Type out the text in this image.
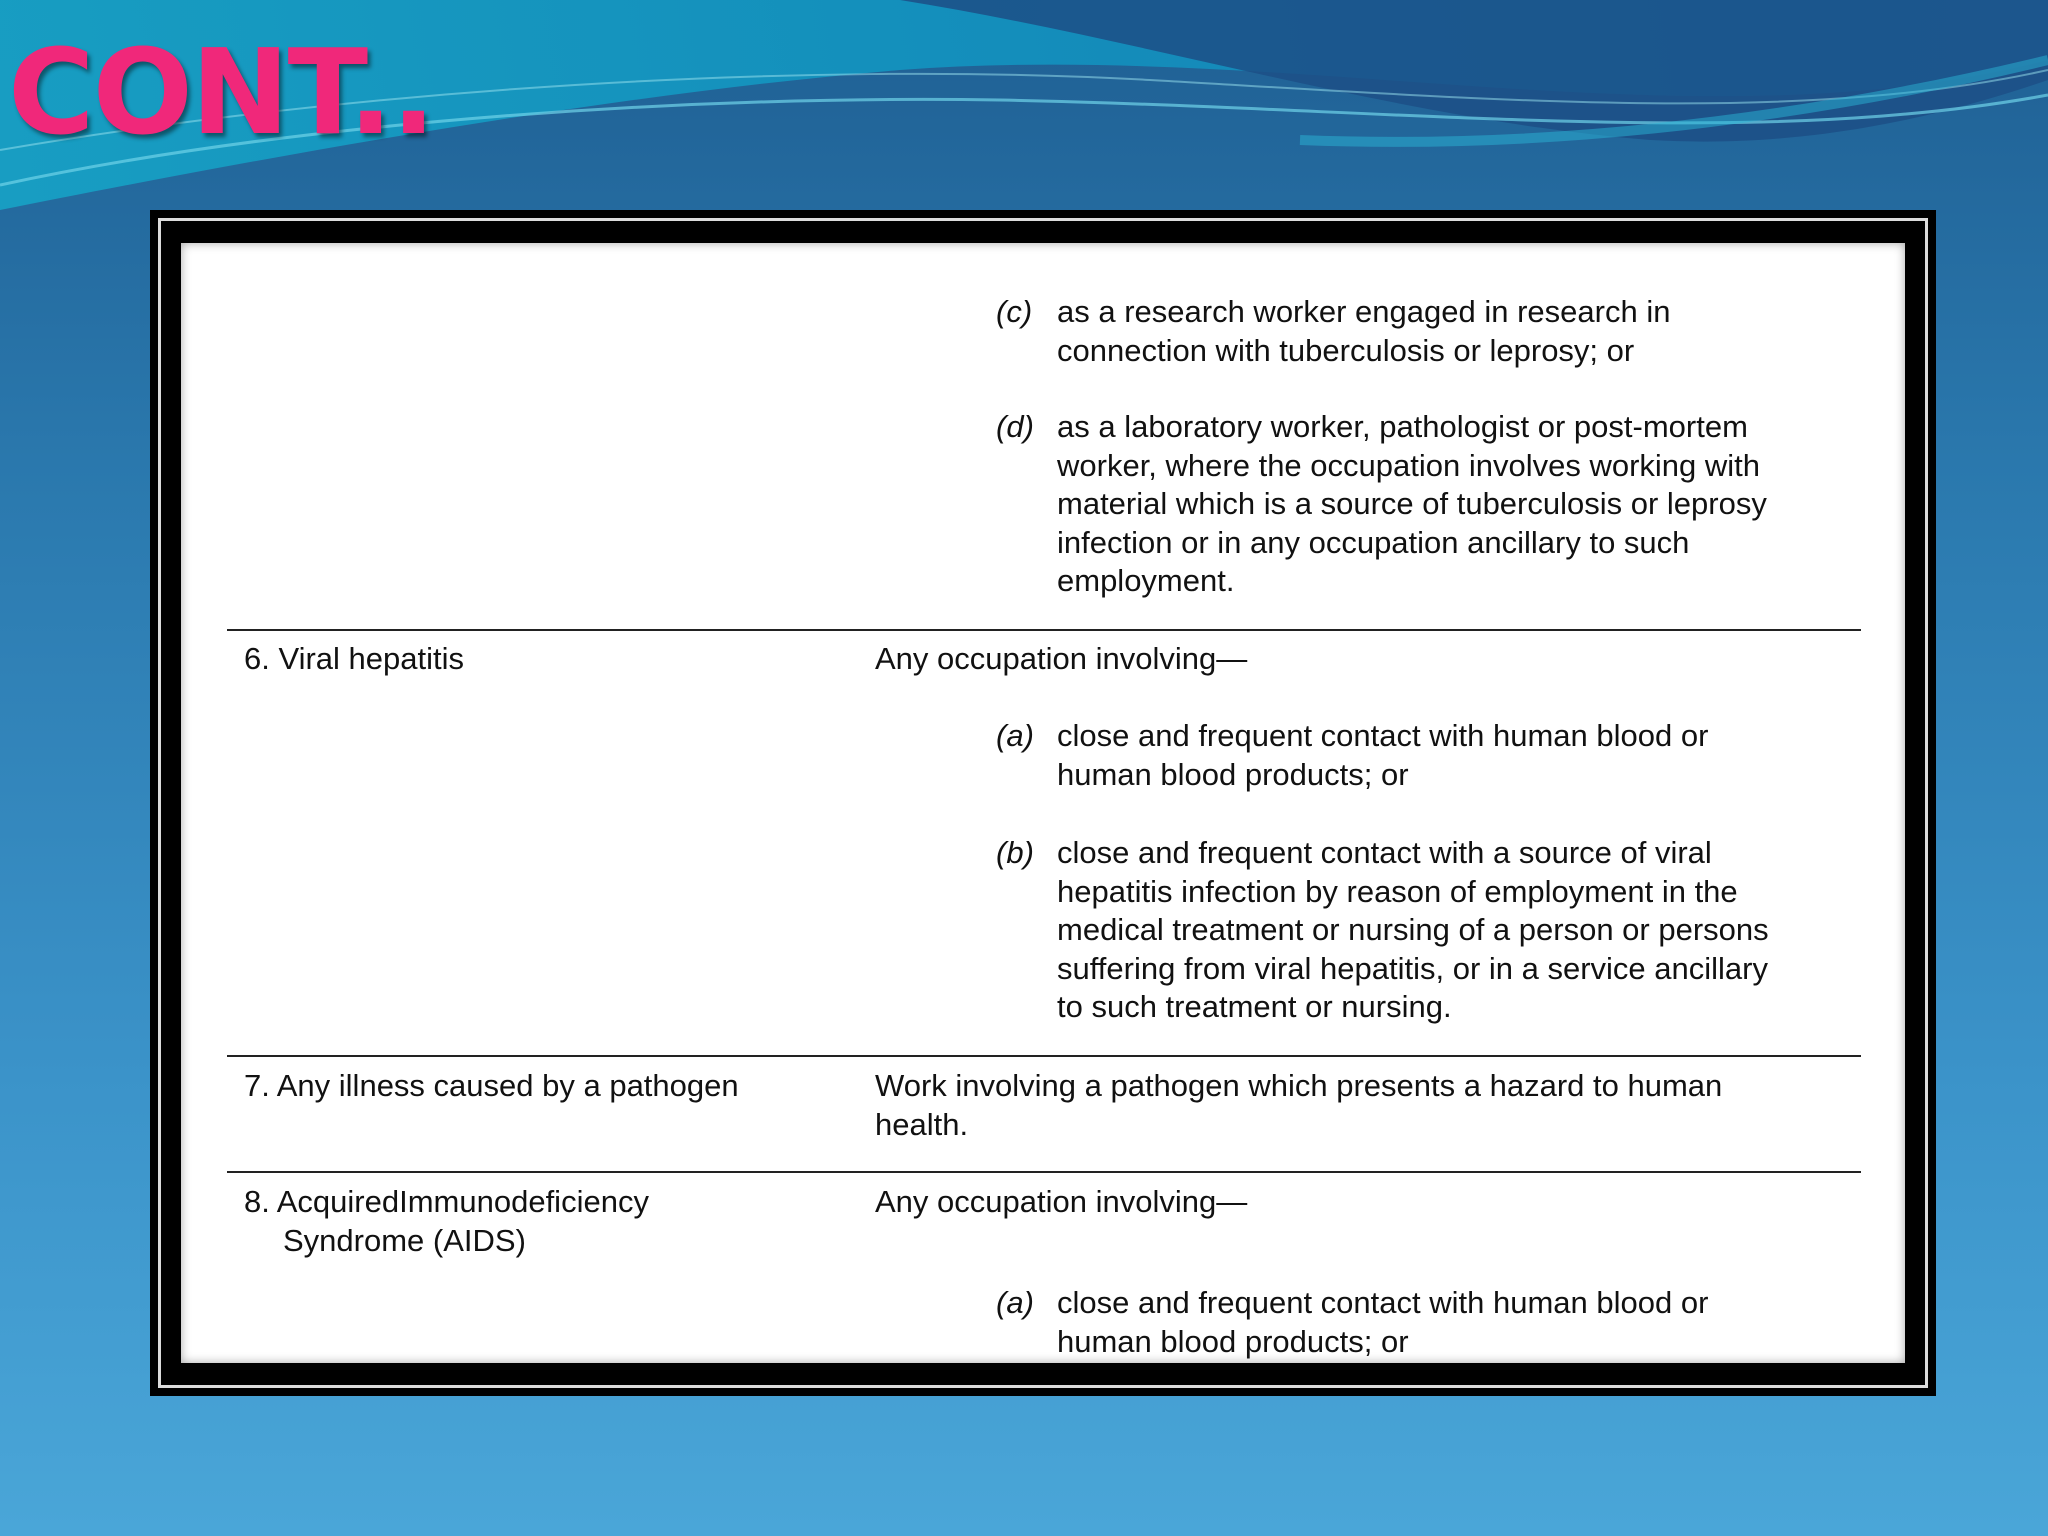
CONT..
(c) as a research worker engaged in research in
connection with tuberculosis or leprosy; or
(d) as a laboratory worker, pathologist or post-mortem
worker, where the occupation involves working with
material which is a source of tuberculosis or leprosy
infection or in any occupation ancillary to such
employment.
6. Viral hepatitis	Any occupation involving—
(a) close and frequent contact with human blood or
human blood products; or
(b) close and frequent contact with a source of viral
hepatitis infection by reason of employment in the
medical treatment or nursing of a person or persons
suffering from viral hepatitis, or in a service ancillary
to such treatment or nursing.
7. Any illness caused by a pathogen	Work involving a pathogen which presents a hazard to human
health.
8. AcquiredImmunodeficiency
Syndrome (AIDS)
Any occupation involving—
(a) close and frequent contact with human blood or
human blood products; or
